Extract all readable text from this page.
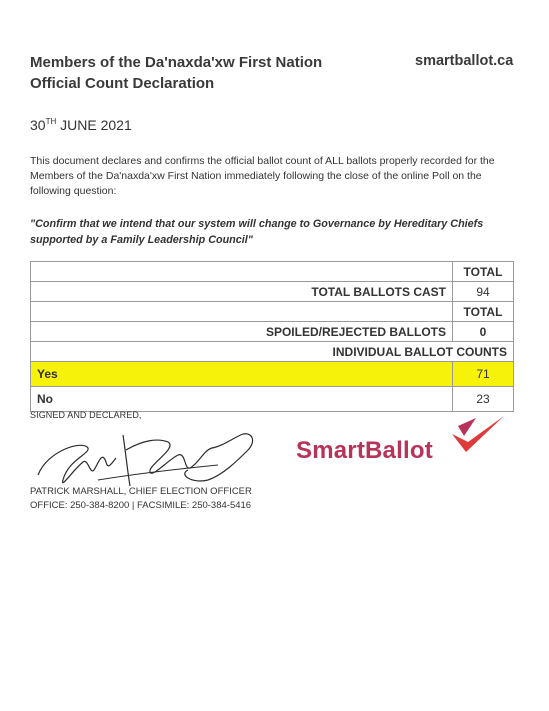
Members of the Da'naxda'xw First Nation
Official Count Declaration
smartballot.ca
30TH JUNE 2021
This document declares and confirms the official ballot count of ALL ballots properly recorded for the Members of the Da'naxda'xw First Nation immediately following the close of the online Poll on the following question:
"Confirm that we intend that our system will change to Governance by Hereditary Chiefs supported by a Family Leadership Council"
	TOTAL
TOTAL BALLOTS CAST	94
	TOTAL
SPOILED/REJECTED BALLOTS	0
INDIVIDUAL BALLOT COUNTS	
Yes	71
No	23
SIGNED AND DECLARED,
PATRICK MARSHALL, CHIEF ELECTION OFFICER
OFFICE: 250-384-8200 | FACSIMILE: 250-384-5416
SmartBallot
